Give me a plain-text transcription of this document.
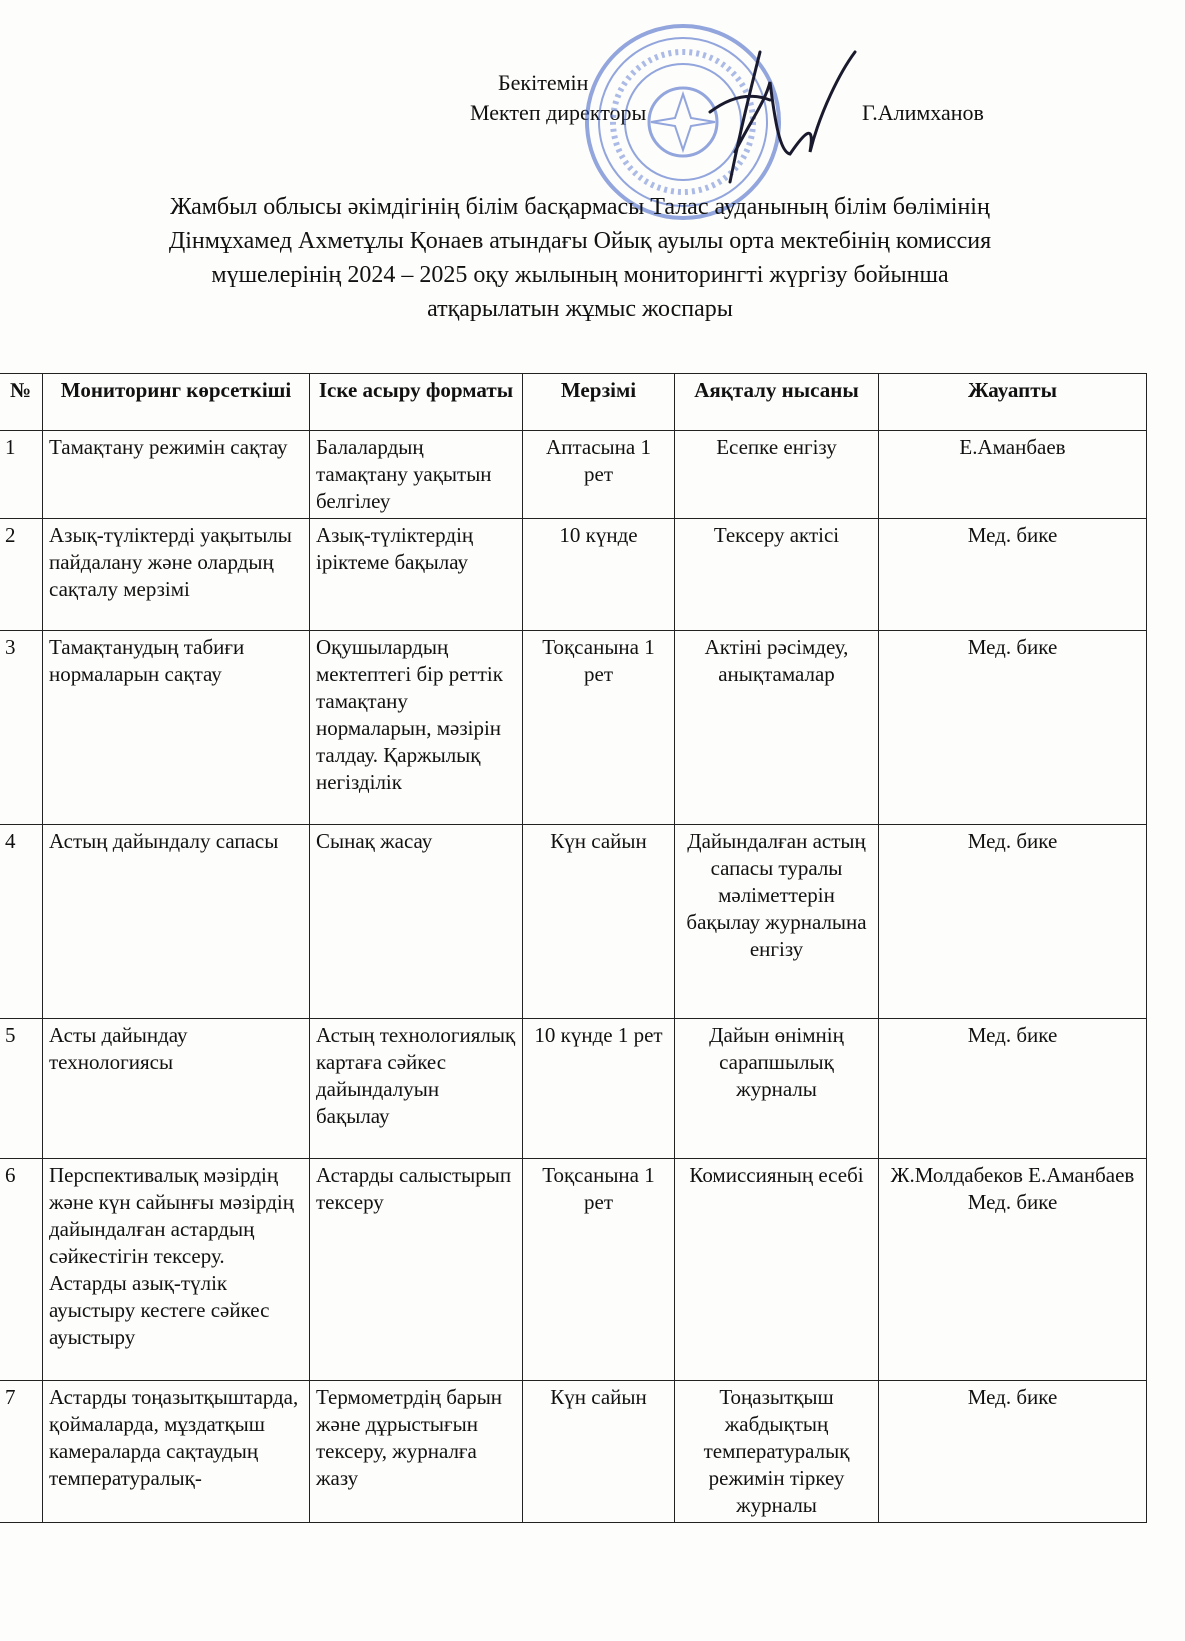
Бекітемін
Мектеп директоры	Г.Алимханов
Жамбыл облысы әкімдігінің білім басқармасы Талас ауданының білім бөлімінің
Дінмұхамед Ахметұлы Қонаев атындағы Ойық ауылы орта мектебінің комиссия
мүшелерінің 2024 – 2025 оқу жылының мониторингті жүргізу бойынша
атқарылатын жұмыс жоспары
№	Мониторинг көрсеткіші	Іске асыру форматы	Мерзімі	Аяқталу нысаны	Жауапты
1	Тамақтану режимін сақтау	Балалардың тамақтану уақытын белгілеу	Аптасына 1 рет	Есепке енгізу	Е.Аманбаев
2	Азық-түліктерді уақытылы пайдалану және олардың сақталу мерзімі	Азық-түліктердің іріктеме бақылау	10 күнде	Тексеру актісі	Мед. бике
3	Тамақтанудың табиғи нормаларын сақтау	Оқушылардың мектептегі бір реттік тамақтану нормаларын, мәзірін талдау. Қаржылық негізділік	Тоқсанына 1 рет	Актіні рәсімдеу, анықтамалар	Мед. бике
4	Астың дайындалу сапасы	Сынақ жасау	Күн сайын	Дайындалған астың сапасы туралы мәліметтерін бақылау журналына енгізу	Мед. бике
5	Асты дайындау технологиясы	Астың технологиялық картаға сәйкес дайындалуын бақылау	10 күнде 1 рет	Дайын өнімнің сарапшылық журналы	Мед. бике
6	Перспективалық мәзірдің және күн сайынғы мәзірдің дайындалған астардың сәйкестігін тексеру. Астарды азық-түлік ауыстыру кестеге сәйкес ауыстыру	Астарды салыстырып тексеру	Тоқсанына 1 рет	Комиссияның есебі	Ж.Молдабеков Е.Аманбаев Мед. бике
7	Астарды тоңазытқыштарда, қоймаларда, мұздатқыш камераларда сақтаудың температуралық-	Термометрдің барын және дұрыстығын тексеру, журналға жазу	Күн сайын	Тоңазытқыш жабдықтың температуралық режимін тіркеу журналы	Мед. бике
